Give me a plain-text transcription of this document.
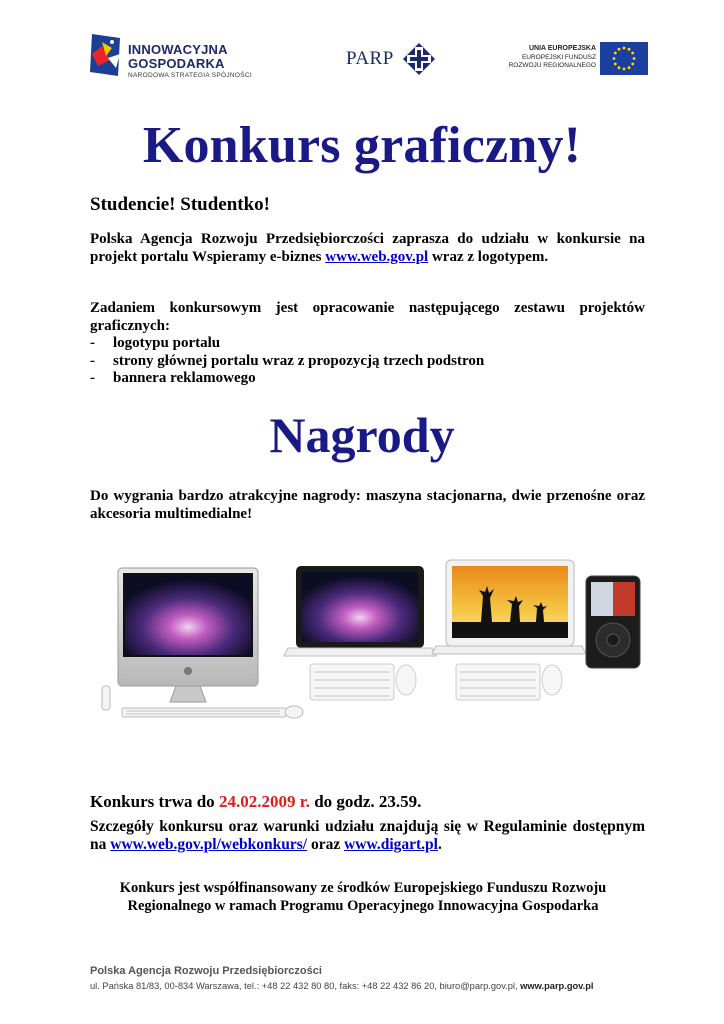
INNOWACYJNA
GOSPODARKA
NARODOWA STRATEGIA SPÓJNOŚCI
PARP	UNIA EUROPEJSKA
EUROPEJSKI FUNDUSZ
ROZWOJU REGIONALNEGO
Konkurs graficzny!
Studencie! Studentko!
Polska Agencja Rozwoju Przedsiębiorczości zaprasza do udziału w konkursie na projekt portalu Wspieramy e-biznes www.web.gov.pl wraz z logotypem.
Zadaniem konkursowym jest opracowanie następującego zestawu projektów graficznych:
- logotypu portalu
- strony głównej portalu wraz z propozycją trzech podstron
- bannera reklamowego
Nagrody
Do wygrania bardzo atrakcyjne nagrody: maszyna stacjonarna, dwie przenośne oraz akcesoria multimedialne!
Konkurs trwa do 24.02.2009 r. do godz. 23.59.
Szczegóły konkursu oraz warunki udziału znajdują się w Regulaminie dostępnym na www.web.gov.pl/webkonkurs/ oraz www.digart.pl.
Konkurs jest współfinansowany ze środków Europejskiego Funduszu Rozwoju Regionalnego w ramach Programu Operacyjnego Innowacyjna Gospodarka
Polska Agencja Rozwoju Przedsiębiorczości
ul. Pańska 81/83, 00-834 Warszawa, tel.: +48 22 432 80 80, faks: +48 22 432 86 20, biuro@parp.gov.pl, www.parp.gov.pl
